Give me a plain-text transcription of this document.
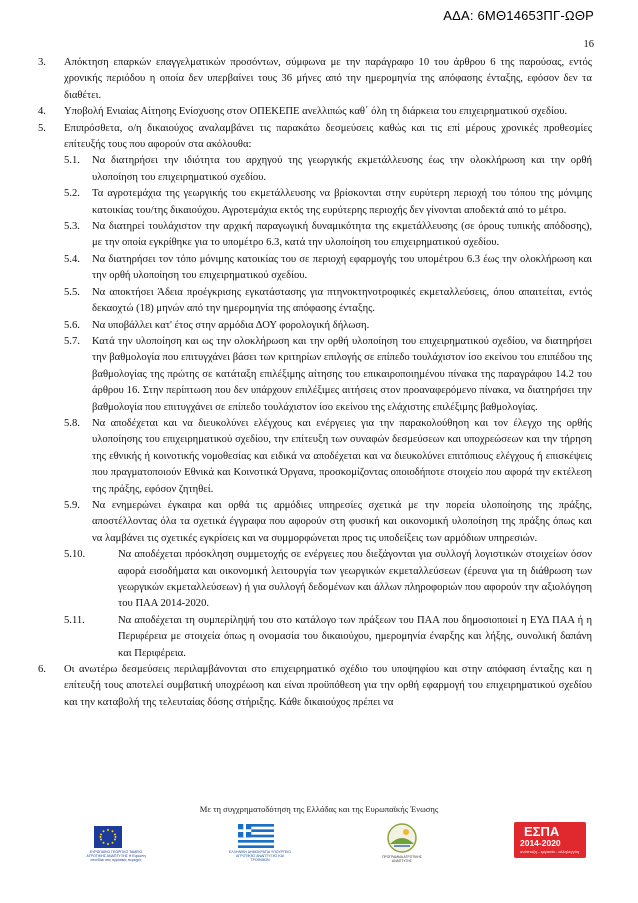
ΑΔΑ: 6ΜΘ14653ΠΓ-ΩΘΡ
16
3.	Απόκτηση επαρκών επαγγελματικών προσόντων, σύμφωνα με την παράγραφο 10 του άρθρου 6 της παρούσας, εντός χρονικής περιόδου η οποία δεν υπερβαίνει τους 36 μήνες από την ημερομηνία της απόφασης ένταξης, εφόσον δεν τα διαθέτει.
4.	Υποβολή Ενιαίας Αίτησης Ενίσχυσης στον ΟΠΕΚΕΠΕ ανελλιπώς καθ΄ όλη τη διάρκεια του επιχειρηματικού σχεδίου.
5.	Επιπρόσθετα, ο/η δικαιούχος αναλαμβάνει τις παρακάτω δεσμεύσεις καθώς και τις επί μέρους χρονικές προθεσμίες επίτευξής τους που αφορούν στα ακόλουθα:
5.1.	Να διατηρήσει την ιδιότητα του αρχηγού της γεωργικής εκμετάλλευσης έως την ολοκλήρωση και την ορθή υλοποίηση του επιχειρηματικού σχεδίου.
5.2.	Τα αγροτεμάχια της γεωργικής του εκμετάλλευσης να βρίσκονται στην ευρύτερη περιοχή του τόπου της μόνιμης κατοικίας του/της δικαιούχου. Αγροτεμάχια εκτός της ευρύτερης περιοχής δεν γίνονται αποδεκτά από το μέτρο.
5.3.	Να διατηρεί τουλάχιστον την αρχική παραγωγική δυναμικότητα της εκμετάλλευσης (σε όρους τυπικής απόδοσης), με την οποία εγκρίθηκε για το υπομέτρο 6.3, κατά την υλοποίηση του επιχειρηματικού σχεδίου.
5.4.	Να διατηρήσει τον τόπο μόνιμης κατοικίας του σε περιοχή εφαρμογής του υπομέτρου 6.3 έως την ολοκλήρωση και την ορθή υλοποίηση του επιχειρηματικού σχεδίου.
5.5.	Να αποκτήσει Άδεια προέγκρισης εγκατάστασης για πτηνοκτηνοτροφικές εκμεταλλεύσεις, όπου απαιτείται, εντός δεκαοχτώ (18) μηνών από την ημερομηνία της απόφασης ένταξης.
5.6.	Να υποβάλλει κατ' έτος στην αρμόδια ΔΟΥ φορολογική δήλωση.
5.7.	Κατά την υλοποίηση και ως την ολοκλήρωση και την ορθή υλοποίηση του επιχειρηματικού σχεδίου, να διατηρήσει την βαθμολογία που επιτυγχάνει βάσει των κριτηρίων επιλογής σε επίπεδο τουλάχιστον ίσο εκείνου του επιπέδου της βαθμολογίας της πρώτης σε κατάταξη επιλέξιμης αίτησης του επικαιροποιημένου πίνακα της παραγράφου 14.2 του άρθρου 16. Στην περίπτωση που δεν υπάρχουν επιλέξιμες αιτήσεις στον προαναφερόμενο πίνακα, να διατηρήσει την βαθμολογία που επιτυγχάνει σε επίπεδο τουλάχιστον ίσο εκείνου της ελάχιστης επιλέξιμης βαθμολογίας.
5.8.	Να αποδέχεται και να διευκολύνει ελέγχους και ενέργειες για την παρακολούθηση και τον έλεγχο της ορθής υλοποίησης του επιχειρηματικού σχεδίου, την επίτευξη των συναφών δεσμεύσεων και υποχρεώσεων και την τήρηση της εθνικής ή κοινοτικής νομοθεσίας και ειδικά να αποδέχεται και να διευκολύνει επιτόπιους ελέγχους ή επισκέψεις που πραγματοποιούν Εθνικά και Κοινοτικά Όργανα, προσκομίζοντας οποιοδήποτε στοιχείο που αφορά την εκτέλεση της πράξης, εφόσον ζητηθεί.
5.9.	Να ενημερώνει έγκαιρα και ορθά τις αρμόδιες υπηρεσίες σχετικά με την πορεία υλοποίησης της πράξης, αποστέλλοντας όλα τα σχετικά έγγραφα που αφορούν στη φυσική και οικονομική υλοποίηση της πράξης όπως και να λαμβάνει τις σχετικές εγκρίσεις και να συμμορφώνεται προς τις υποδείξεις των αρμόδιων υπηρεσιών.
5.10.	Να αποδέχεται πρόσκληση συμμετοχής σε ενέργειες που διεξάγονται για συλλογή λογιστικών στοιχείων όσον αφορά εισοδήματα και οικονομική λειτουργία των γεωργικών εκμεταλλεύσεων (έρευνα για τη διάθρωση των γεωργικών εκμεταλλεύσεων) ή για συλλογή δεδομένων και άλλων πληροφοριών που αφορούν την αξιολόγηση του ΠΑΑ 2014-2020.
5.11.	Να αποδέχεται τη συμπερίληψή του στο κατάλογο των πράξεων του ΠΑΑ που δημοσιοποιεί η ΕΥΔ ΠΑΑ ή η Περιφέρεια με στοιχεία όπως η ονομασία του δικαιούχου, ημερομηνία έναρξης και λήξης, συνολική δαπάνη και Περιφέρεια.
6.	Οι ανωτέρω δεσμεύσεις περιλαμβάνονται στο επιχειρηματικό σχέδιο του υποψηφίου και στην απόφαση ένταξης και η επίτευξή τους αποτελεί συμβατική υποχρέωση και είναι προϋπόθεση για την ορθή εφαρμογή του επιχειρηματικού σχεδίου και την καταβολή της τελευταίας δόσης στήριξης. Κάθε δικαιούχος πρέπει να
Με τη συγχρηματοδότηση της Ελλάδας και της Ευρωπαϊκής Ένωσης
ΕΥΡΩΠΑΪΚΟ ΓΕΩΡΓΙΚΟ ΤΑΜΕΙΟ ΑΓΡΟΤΙΚΗΣ ΑΝΑΠΤΥΞΗΣ Η Ευρώπη επενδύει στις αγροτικές περιοχές
ΕΛΛΗΝΙΚΗ ΔΗΜΟΚΡΑΤΙΑ ΥΠΟΥΡΓΕΙΟ ΑΓΡΟΤΙΚΗΣ ΑΝΑΠΤΥΞΗΣ ΚΑΙ ΤΡΟΦΙΜΩΝ
ΠΡΟΓΡΑΜΜΑ ΑΓΡΟΤΙΚΗΣ ΑΝΑΠΤΥΞΗΣ
ΕΣΠΑ
2014-2020
ανάπτυξη - εργασία - αλληλεγγύη
